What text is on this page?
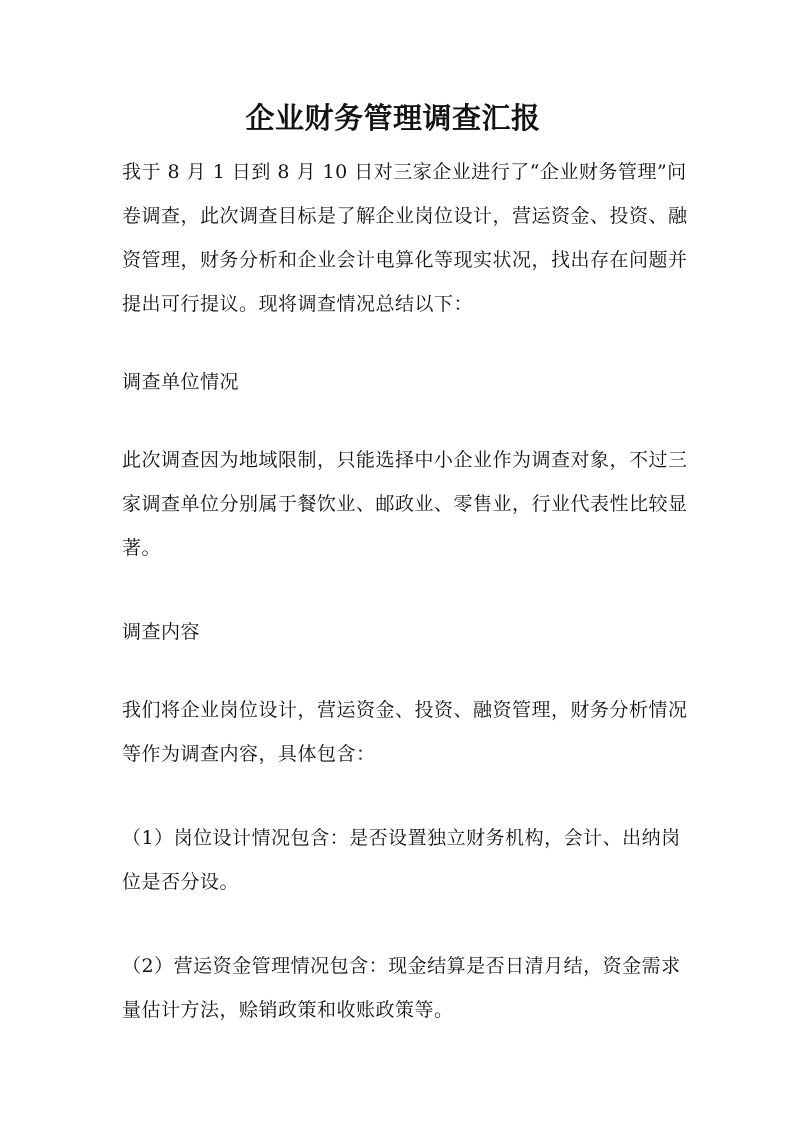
企业财务管理调查汇报

我于 8 月 1 日到 8 月 10 日对三家企业进行了“企业财务管理”问卷调查，此次调查目标是了解企业岗位设计，营运资金、投资、融资管理，财务分析和企业会计电算化等现实状况，找出存在问题并提出可行提议。现将调查情况总结以下：

调查单位情况

此次调查因为地域限制，只能选择中小企业作为调查对象，不过三家调查单位分别属于餐饮业、邮政业、零售业，行业代表性比较显著。

调查内容

我们将企业岗位设计，营运资金、投资、融资管理，财务分析情况等作为调查内容，具体包含：

（1）岗位设计情况包含：是否设置独立财务机构，会计、出纳岗位是否分设。

（2）营运资金管理情况包含：现金结算是否日清月结，资金需求量估计方法，赊销政策和收账政策等。
